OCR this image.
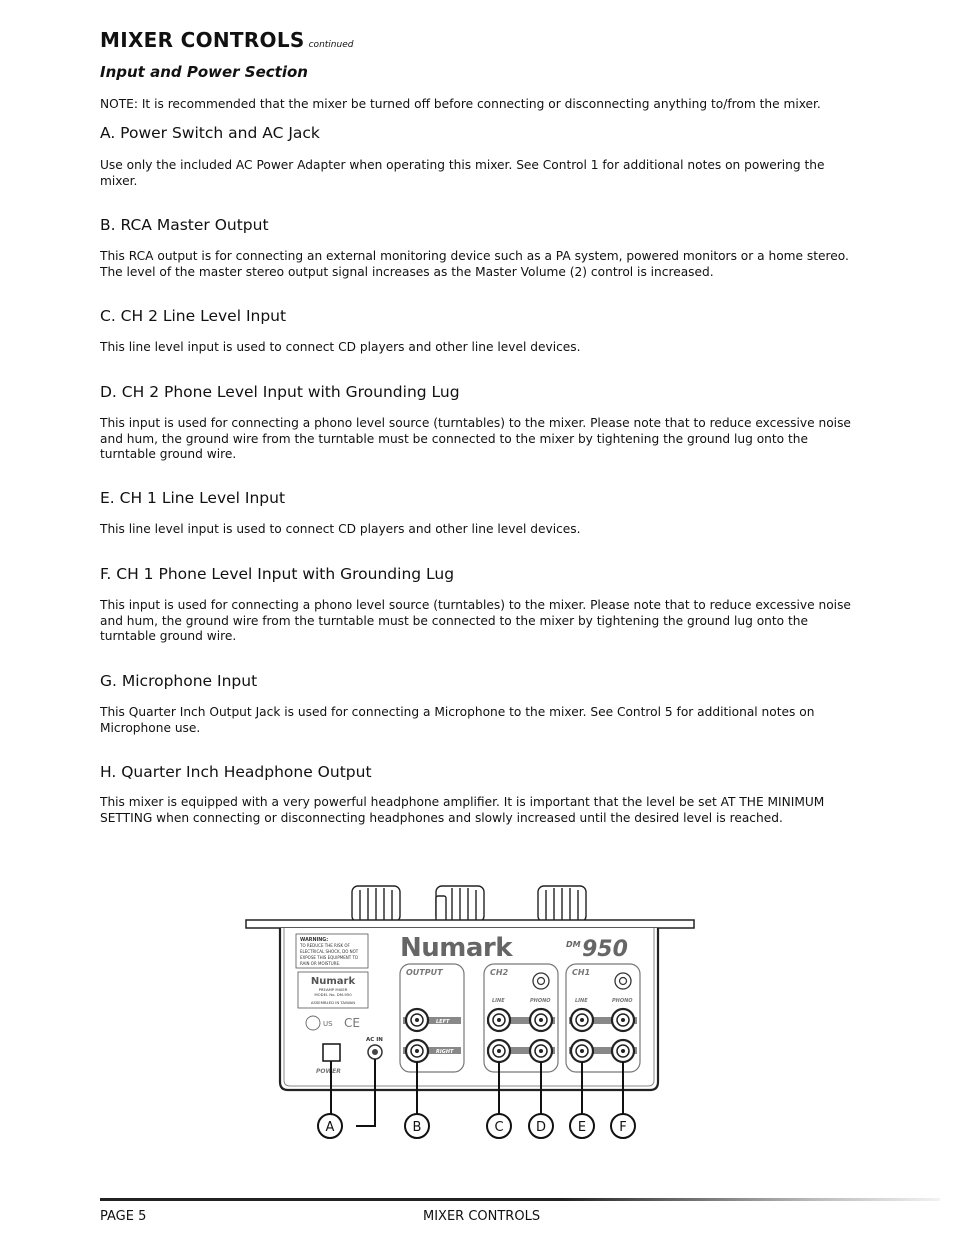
MIXER CONTROLS continued
Input and Power Section

NOTE: It is recommended that the mixer be turned off before connecting or disconnecting anything to/from the mixer.

A. Power Switch and AC Jack

Use only the included AC Power Adapter when operating this mixer. See Control 1 for additional notes on powering the mixer.

B. RCA Master Output

This RCA output is for connecting an external monitoring device such as a PA system, powered monitors or a home stereo. The level of the master stereo output signal increases as the Master Volume (2) control is increased.

C. CH 2 Line Level Input

This line level input is used to connect CD players and other line level devices.

D. CH 2 Phone Level Input with Grounding Lug

This input is used for connecting a phono level source (turntables) to the mixer. Please note that to reduce excessive noise and hum, the ground wire from the turntable must be connected to the mixer by tightening the ground lug onto the turntable ground wire.

E. CH 1 Line Level Input

This line level input is used to connect CD players and other line level devices.

F. CH 1 Phone Level Input with Grounding Lug

This input is used for connecting a phono level source (turntables) to the mixer. Please note that to reduce excessive noise and hum, the ground wire from the turntable must be connected to the mixer by tightening the ground lug onto the turntable ground wire.

G. Microphone Input

This Quarter Inch Output Jack is used for connecting a Microphone to the mixer. See Control 5 for additional notes on Microphone use.

H. Quarter Inch Headphone Output

This mixer is equipped with a very powerful headphone amplifier. It is important that the level be set AT THE MINIMUM SETTING when connecting or disconnecting headphones and slowly increased until the desired level is reached.

WARNING:
TO REDUCE THE RISK OF
ELECTRICAL SHOCK, DO NOT
EXPOSE THIS EQUIPMENT TO
RAIN OR MOISTURE.
Numark
PREAMP MIXER
MODEL No. DM-950
ASSEMBLED IN TAIWAN
US CE
Numark	DM 950
POWER
AC IN
OUTPUT
LEFT
RIGHT
CH2
LINE	PHONO
CH1
LINE	PHONO
A	B	C D E	F
PAGE 5	MIXER CONTROLS
